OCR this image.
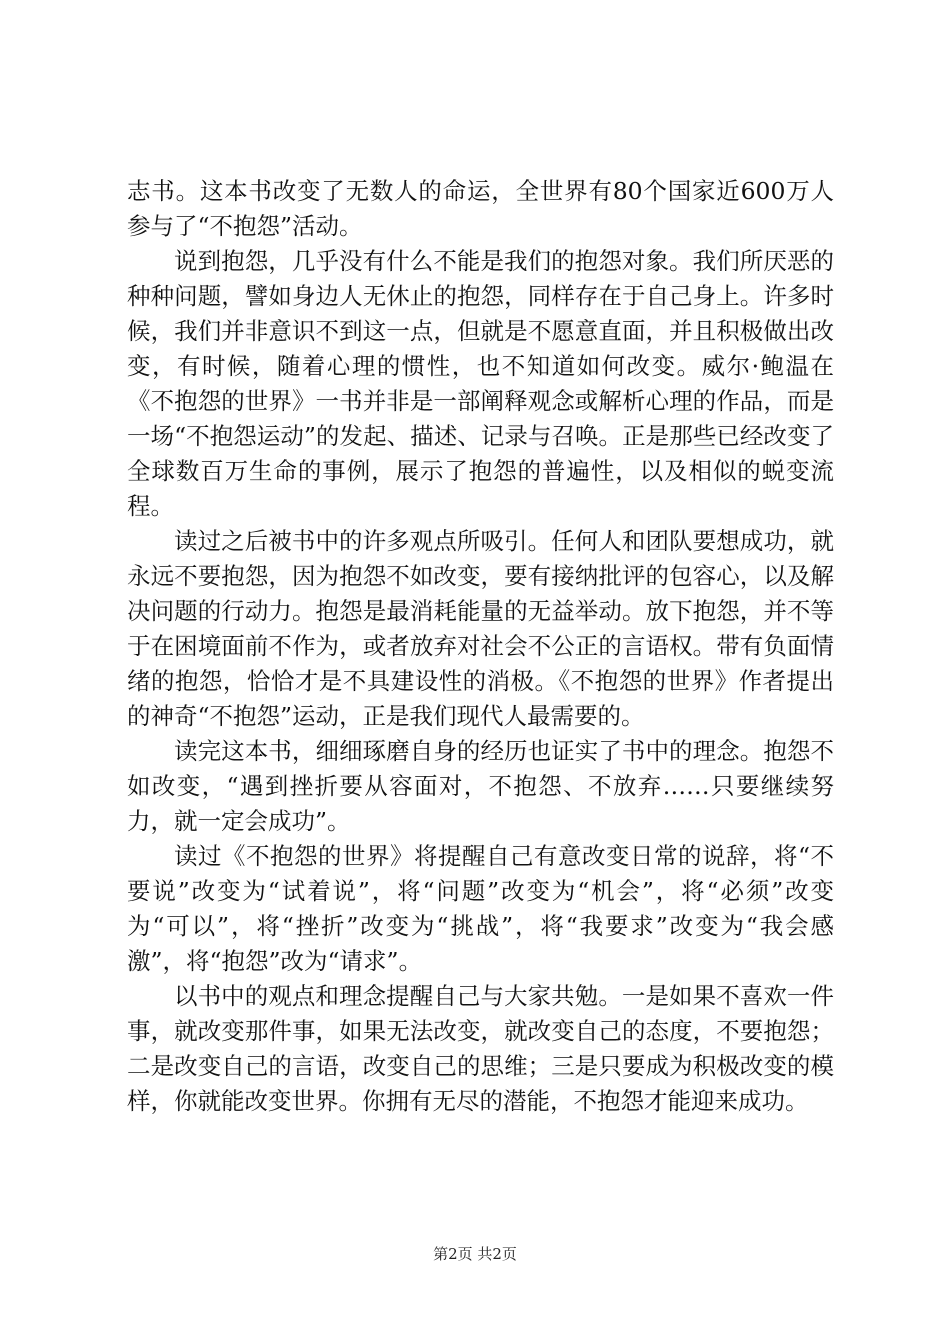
志书。这本书改变了无数人的命运，全世界有80个国家近600万人参与了“不抱怨”活动。

说到抱怨，几乎没有什么不能是我们的抱怨对象。我们所厌恶的种种问题，譬如身边人无休止的抱怨，同样存在于自己身上。许多时候，我们并非意识不到这一点，但就是不愿意直面，并且积极做出改变，有时候，随着心理的惯性，也不知道如何改变。威尔·鲍温在《不抱怨的世界》一书并非是一部阐释观念或解析心理的作品，而是一场“不抱怨运动”的发起、描述、记录与召唤。正是那些已经改变了全球数百万生命的事例，展示了抱怨的普遍性，以及相似的蜕变流程。

读过之后被书中的许多观点所吸引。任何人和团队要想成功，就永远不要抱怨，因为抱怨不如改变，要有接纳批评的包容心，以及解决问题的行动力。抱怨是最消耗能量的无益举动。放下抱怨，并不等于在困境面前不作为，或者放弃对社会不公正的言语权。带有负面情绪的抱怨，恰恰才是不具建设性的消极。《不抱怨的世界》作者提出的神奇“不抱怨”运动，正是我们现代人最需要的。

读完这本书，细细琢磨自身的经历也证实了书中的理念。抱怨不如改变，“遇到挫折要从容面对，不抱怨、不放弃……只要继续努力，就一定会成功”。

读过《不抱怨的世界》将提醒自己有意改变日常的说辞，将“不要说”改变为“试着说”，将“问题”改变为“机会”，将“必须”改变为“可以”，将“挫折”改变为“挑战”，将“我要求”改变为“我会感激”，将“抱怨”改为“请求”。

以书中的观点和理念提醒自己与大家共勉。一是如果不喜欢一件事，就改变那件事，如果无法改变，就改变自己的态度，不要抱怨；二是改变自己的言语，改变自己的思维；三是只要成为积极改变的模样，你就能改变世界。你拥有无尽的潜能，不抱怨才能迎来成功。

第2页 共2页
